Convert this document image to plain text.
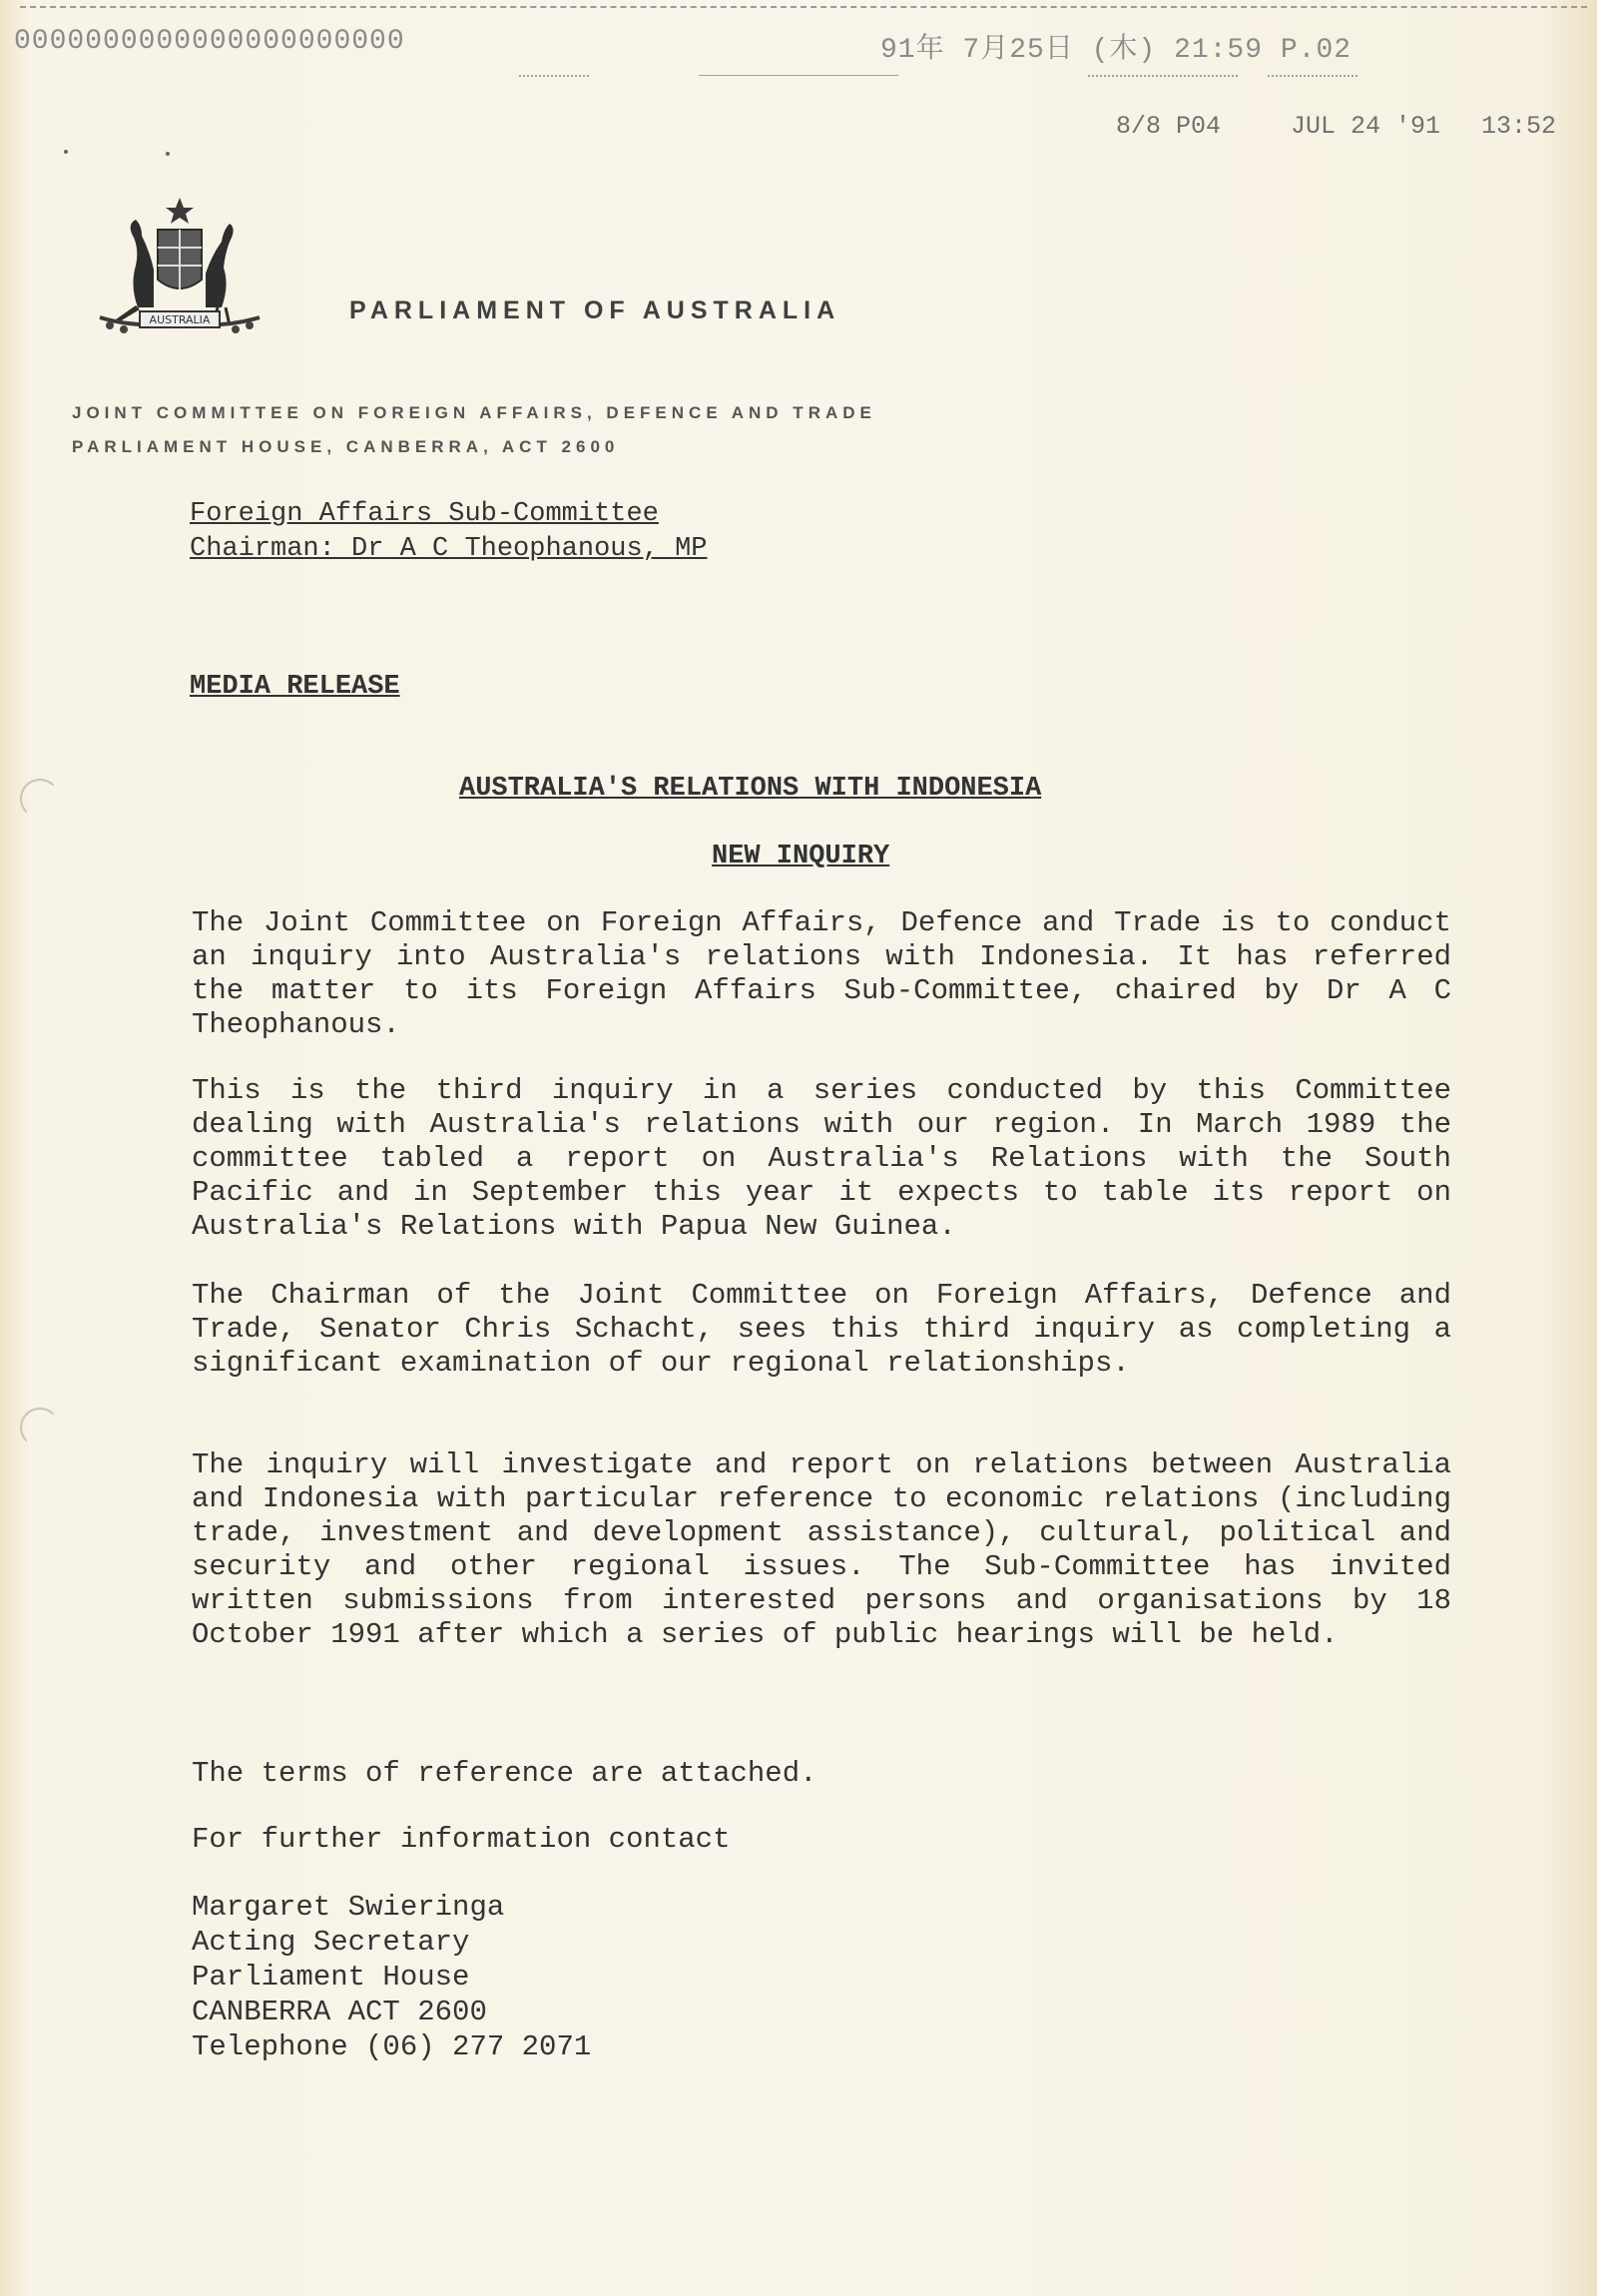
0000000000000000000000	91年 7月25日 (木) 21:59 P.02
8/8 P04	JUL 24 '91 13:52
AUSTRALIA	PARLIAMENT OF AUSTRALIA
JOINT COMMITTEE ON FOREIGN AFFAIRS, DEFENCE AND TRADE
PARLIAMENT HOUSE, CANBERRA, ACT 2600
Foreign Affairs Sub-Committee
Chairman: Dr A C Theophanous, MP
MEDIA RELEASE
AUSTRALIA'S RELATIONS WITH INDONESIA
NEW INQUIRY

The Joint Committee on Foreign Affairs, Defence and Trade is to conduct an inquiry into Australia's relations with Indonesia. It has referred the matter to its Foreign Affairs Sub-Committee, chaired by Dr A C Theophanous.

This is the third inquiry in a series conducted by this Committee dealing with Australia's relations with our region. In March 1989 the committee tabled a report on Australia's Relations with the South Pacific and in September this year it expects to table its report on Australia's Relations with Papua New Guinea.

The Chairman of the Joint Committee on Foreign Affairs, Defence and Trade, Senator Chris Schacht, sees this third inquiry as completing a significant examination of our regional relationships.

The inquiry will investigate and report on relations between Australia and Indonesia with particular reference to economic relations (including trade, investment and development assistance), cultural, political and security and other regional issues. The Sub-Committee has invited written submissions from interested persons and organisations by 18 October 1991 after which a series of public hearings will be held.

The terms of reference are attached.
For further information contact
Margaret Swieringa
Acting Secretary
Parliament House
CANBERRA ACT 2600
Telephone (06) 277 2071
